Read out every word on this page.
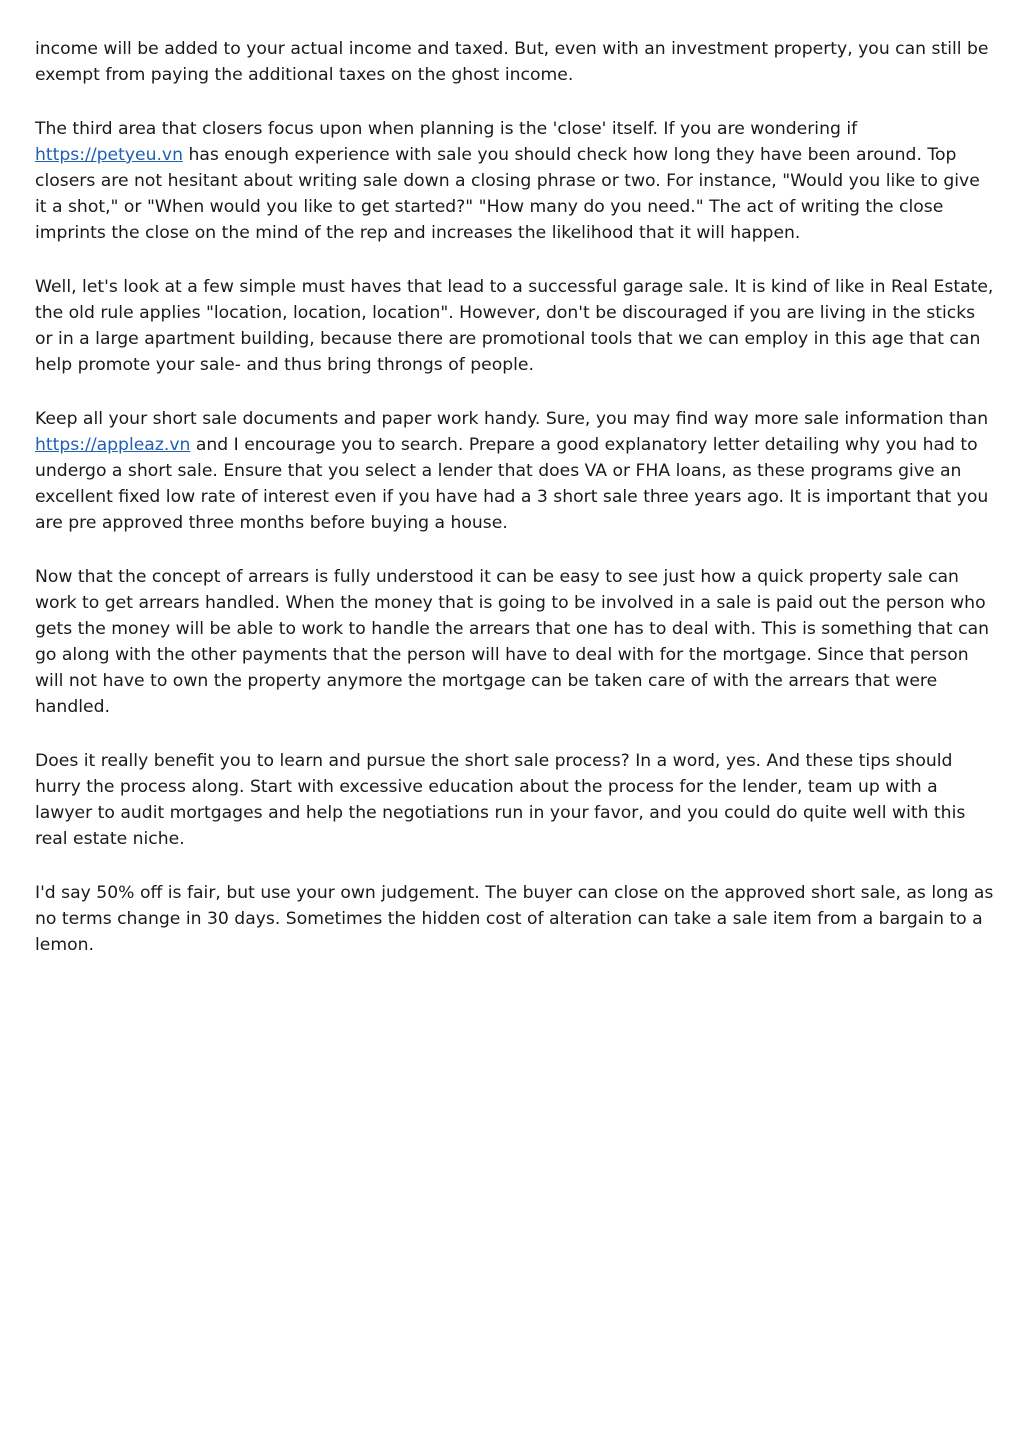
income will be added to your actual income and taxed. But, even with an investment property, you can still be exempt from paying the additional taxes on the ghost income.

The third area that closers focus upon when planning is the 'close' itself. If you are wondering if https://petyeu.vn has enough experience with sale you should check how long they have been around. Top closers are not hesitant about writing sale down a closing phrase or two. For instance, "Would you like to give it a shot," or "When would you like to get started?" "How many do you need." The act of writing the close imprints the close on the mind of the rep and increases the likelihood that it will happen.

Well, let's look at a few simple must haves that lead to a successful garage sale. It is kind of like in Real Estate, the old rule applies "location, location, location". However, don't be discouraged if you are living in the sticks or in a large apartment building, because there are promotional tools that we can employ in this age that can help promote your sale- and thus bring throngs of people.

Keep all your short sale documents and paper work handy. Sure, you may find way more sale information than https://appleaz.vn and I encourage you to search. Prepare a good explanatory letter detailing why you had to undergo a short sale. Ensure that you select a lender that does VA or FHA loans, as these programs give an excellent fixed low rate of interest even if you have had a 3 short sale three years ago. It is important that you are pre approved three months before buying a house.

Now that the concept of arrears is fully understood it can be easy to see just how a quick property sale can work to get arrears handled. When the money that is going to be involved in a sale is paid out the person who gets the money will be able to work to handle the arrears that one has to deal with. This is something that can go along with the other payments that the person will have to deal with for the mortgage. Since that person will not have to own the property anymore the mortgage can be taken care of with the arrears that were handled.

Does it really benefit you to learn and pursue the short sale process? In a word, yes. And these tips should hurry the process along. Start with excessive education about the process for the lender, team up with a lawyer to audit mortgages and help the negotiations run in your favor, and you could do quite well with this real estate niche.

I'd say 50% off is fair, but use your own judgement. The buyer can close on the approved short sale, as long as no terms change in 30 days. Sometimes the hidden cost of alteration can take a sale item from a bargain to a lemon.
